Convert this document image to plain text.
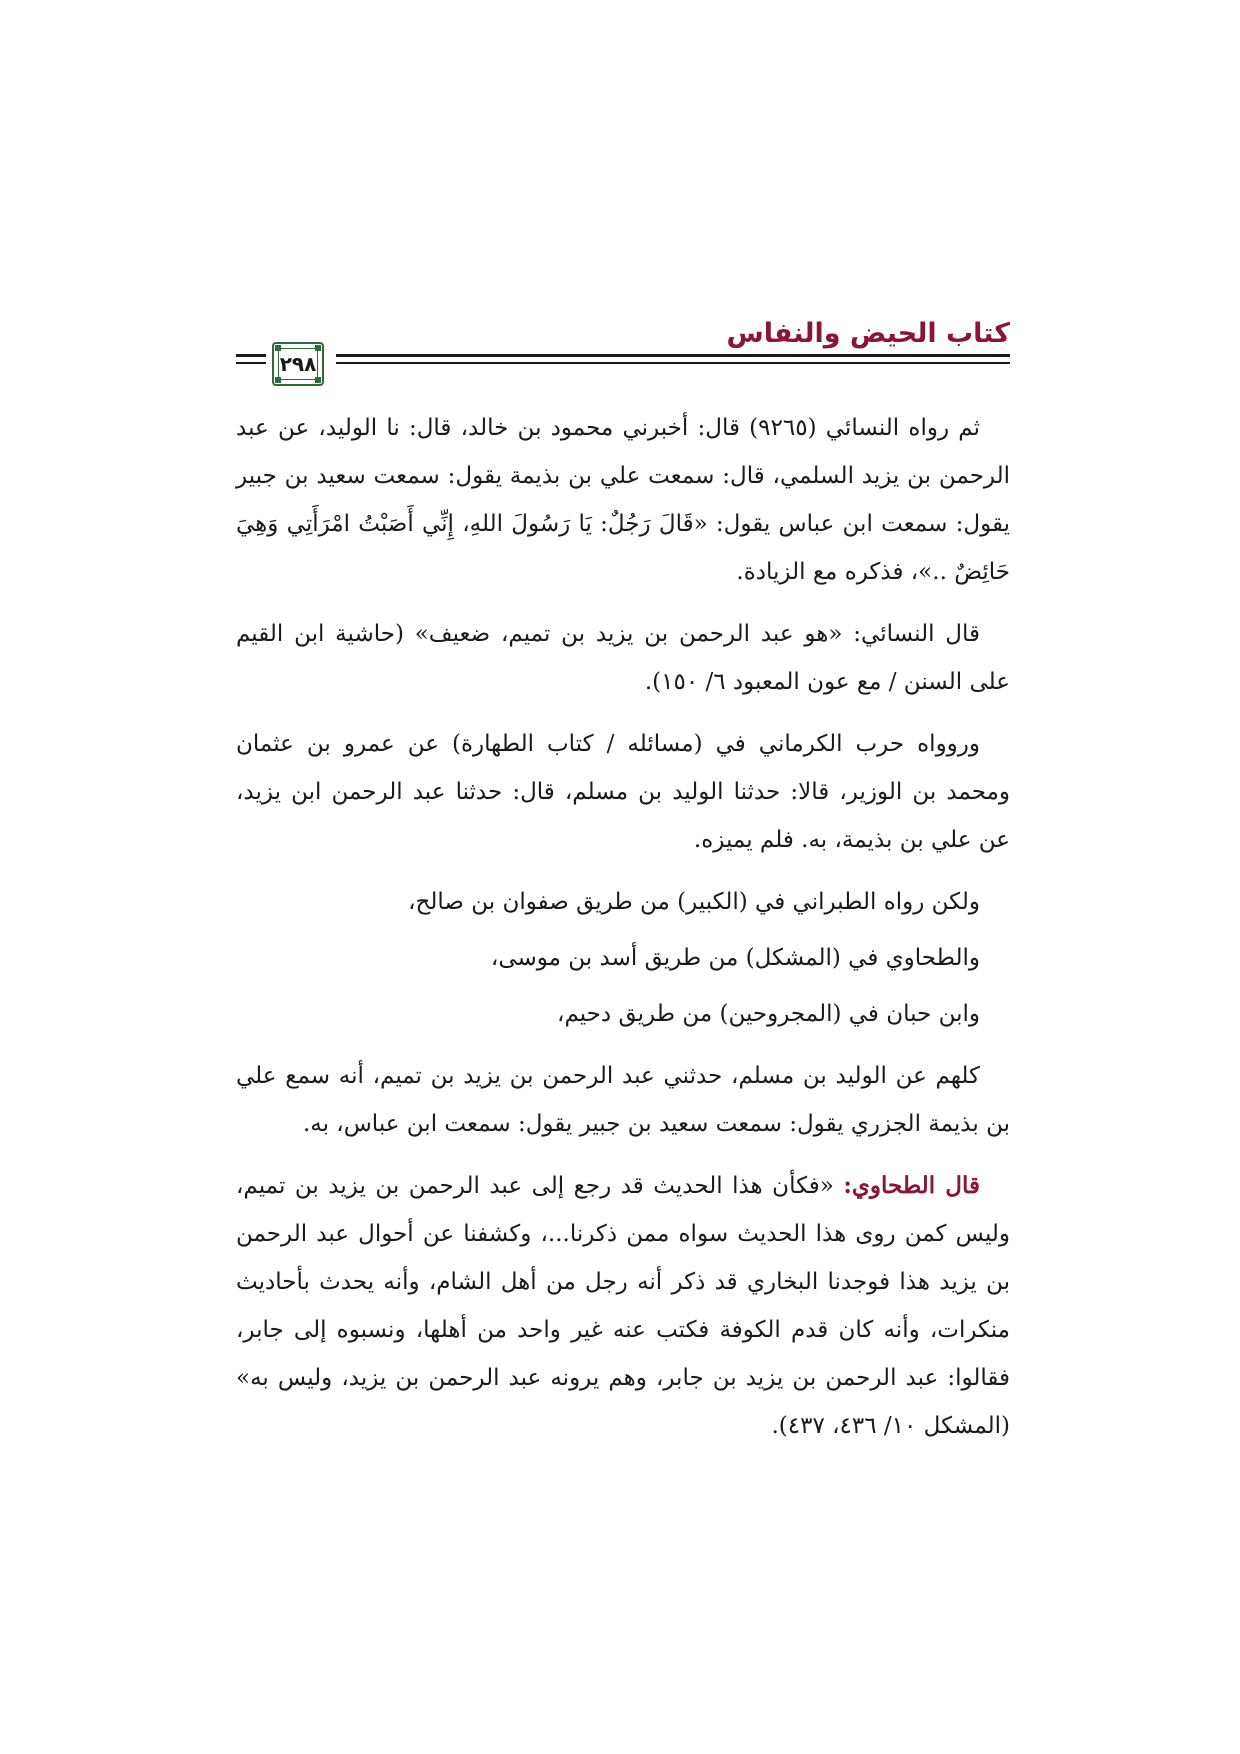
كتاب الحيض والنفاس
٢٩٨

ثم رواه النسائي (٩٢٦٥) قال: أخبرني محمود بن خالد، قال: نا الوليد، عن عبد الرحمن بن يزيد السلمي، قال: سمعت علي بن بذيمة يقول: سمعت سعيد بن جبير يقول: سمعت ابن عباس يقول: «قَالَ رَجُلٌ: يَا رَسُولَ اللهِ، إِنِّي أَصَبْتُ امْرَأَتِي وَهِيَ حَائِضٌ ..»، فذكره مع الزيادة.

قال النسائي: «هو عبد الرحمن بن يزيد بن تميم، ضعيف» (حاشية ابن القيم على السنن / مع عون المعبود ٦/ ١٥٠).

وروواه حرب الكرماني في (مسائله / كتاب الطهارة) عن عمرو بن عثمان ومحمد بن الوزير، قالا: حدثنا الوليد بن مسلم، قال: حدثنا عبد الرحمن ابن يزيد، عن علي بن بذيمة، به. فلم يميزه.

ولكن رواه الطبراني في (الكبير) من طريق صفوان بن صالح،

والطحاوي في (المشكل) من طريق أسد بن موسى،

وابن حبان في (المجروحين) من طريق دحيم،

كلهم عن الوليد بن مسلم، حدثني عبد الرحمن بن يزيد بن تميم، أنه سمع علي بن بذيمة الجزري يقول: سمعت سعيد بن جبير يقول: سمعت ابن عباس، به.

قال الطحاوي: «فكأن هذا الحديث قد رجع إلى عبد الرحمن بن يزيد بن تميم، وليس كمن روى هذا الحديث سواه ممن ذكرنا...، وكشفنا عن أحوال عبد الرحمن بن يزيد هذا فوجدنا البخاري قد ذكر أنه رجل من أهل الشام، وأنه يحدث بأحاديث منكرات، وأنه كان قدم الكوفة فكتب عنه غير واحد من أهلها، ونسبوه إلى جابر، فقالوا: عبد الرحمن بن يزيد بن جابر، وهم يرونه عبد الرحمن بن يزيد، وليس به» (المشكل ١٠/ ٤٣٦، ٤٣٧).
